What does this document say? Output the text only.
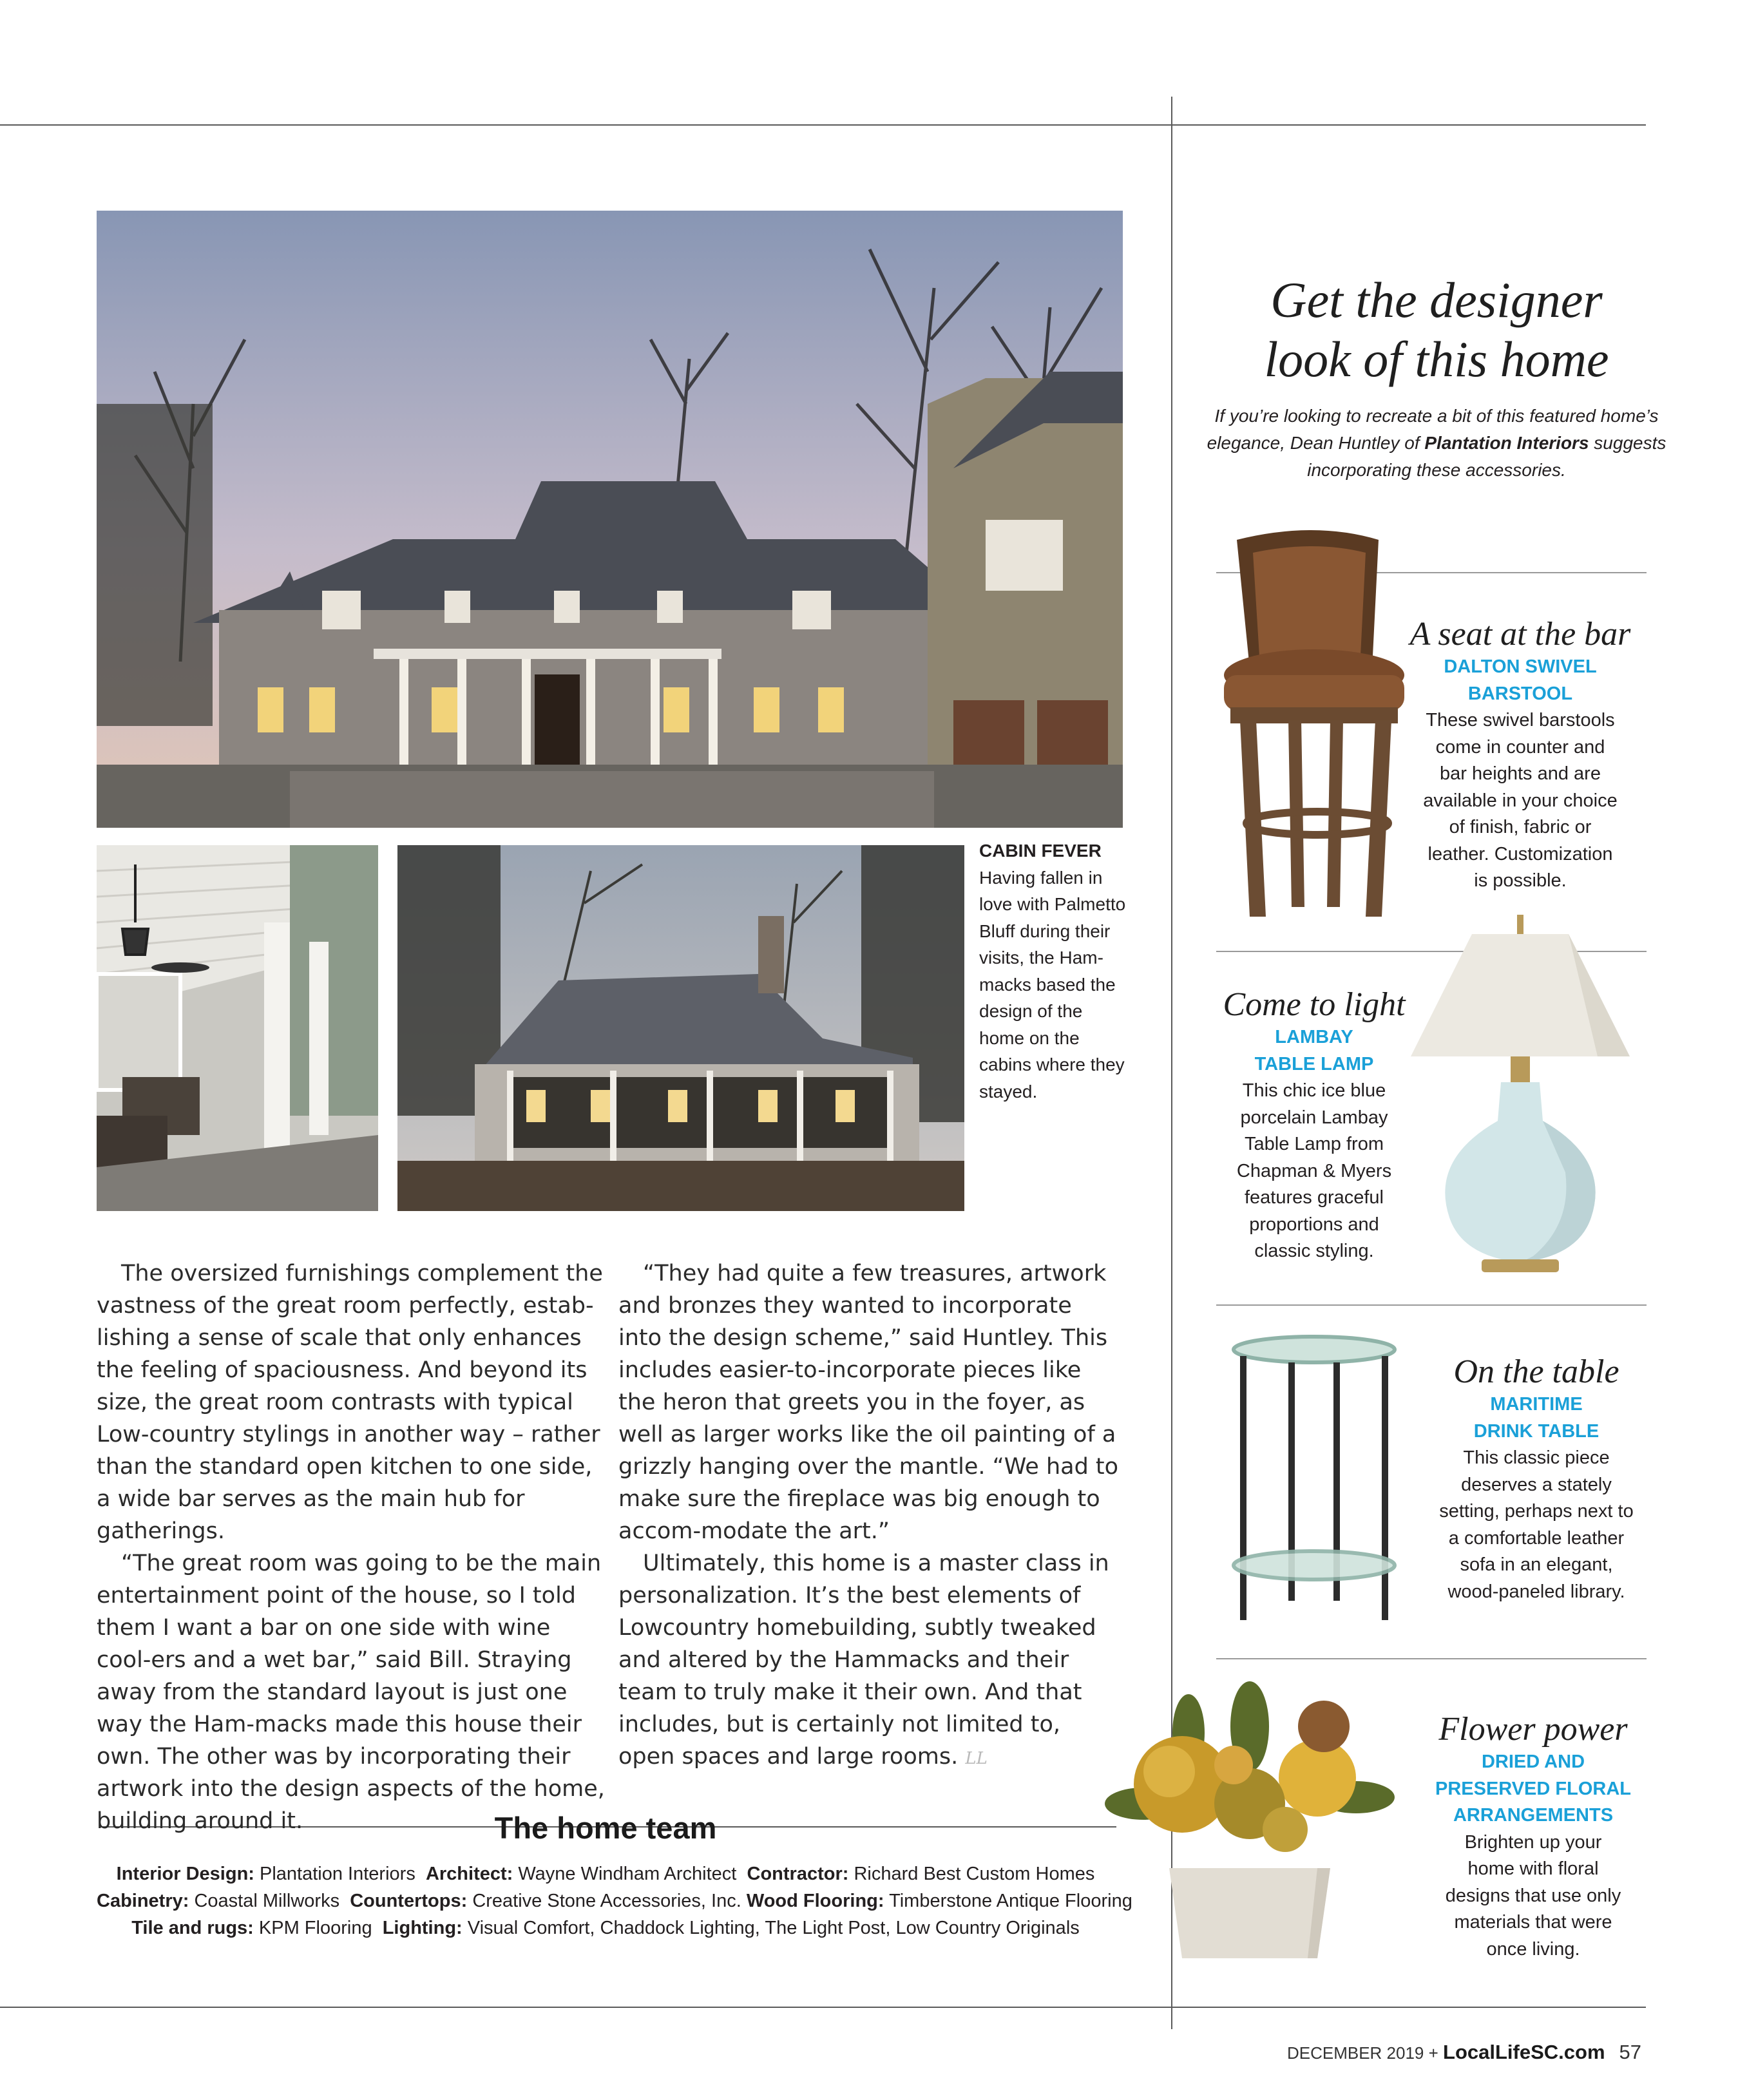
CABIN FEVER
Having fallen in love with Palmetto Bluff during their visits, the Ham-macks based the design of the home on the cabins where they stayed.

The oversized furnishings complement the vastness of the great room perfectly, estab-lishing a sense of scale that only enhances the feeling of spaciousness. And beyond its size, the great room contrasts with typical Low-country stylings in another way – rather than the standard open kitchen to one side, a wide bar serves as the main hub for gatherings.

“The great room was going to be the main entertainment point of the house, so I told them I want a bar on one side with wine cool-ers and a wet bar,” said Bill. Straying away from the standard layout is just one way the Ham-macks made this house their own. The other was by incorporating their artwork into the design aspects of the home, building around it.

“They had quite a few treasures, artwork and bronzes they wanted to incorporate into the design scheme,” said Huntley. This includes easier-to-incorporate pieces like the heron that greets you in the foyer, as well as larger works like the oil painting of a grizzly hanging over the mantle. “We had to make sure the fireplace was big enough to accom-modate the art.”

Ultimately, this home is a master class in personalization. It’s the best elements of Lowcountry homebuilding, subtly tweaked and altered by the Hammacks and their team to truly make it their own. And that includes, but is certainly not limited to, open spaces and large rooms. LL

The home team
Interior Design: Plantation Interiors Architect: Wayne Windham Architect Contractor: Richard Best Custom Homes
Cabinetry: Coastal Millworks Countertops: Creative Stone Accessories, Inc. Wood Flooring: Timberstone Antique Flooring
Tile and rugs: KPM Flooring Lighting: Visual Comfort, Chaddock Lighting, The Light Post, Low Country Originals
Get the designer
look of this home
If you’re looking to recreate a bit of this featured home’s elegance, Dean Huntley of Plantation Interiors suggests incorporating these accessories.
A seat at the bar
DALTON SWIVEL
BARSTOOL
These swivel barstools
come in counter and
bar heights and are
available in your choice
of finish, fabric or
leather. Customization
is possible.
Come to light
LAMBAY
TABLE LAMP
This chic ice blue
porcelain Lambay
Table Lamp from
Chapman & Myers
features graceful
proportions and
classic styling.
On the table
MARITIME
DRINK TABLE
This classic piece
deserves a stately
setting, perhaps next to
a comfortable leather
sofa in an elegant,
wood-paneled library.
Flower power
DRIED AND
PRESERVED FLORAL
ARRANGEMENTS
Brighten up your
home with floral
designs that use only
materials that were
once living.
DECEMBER 2019 + LocalLifeSC.com 57
